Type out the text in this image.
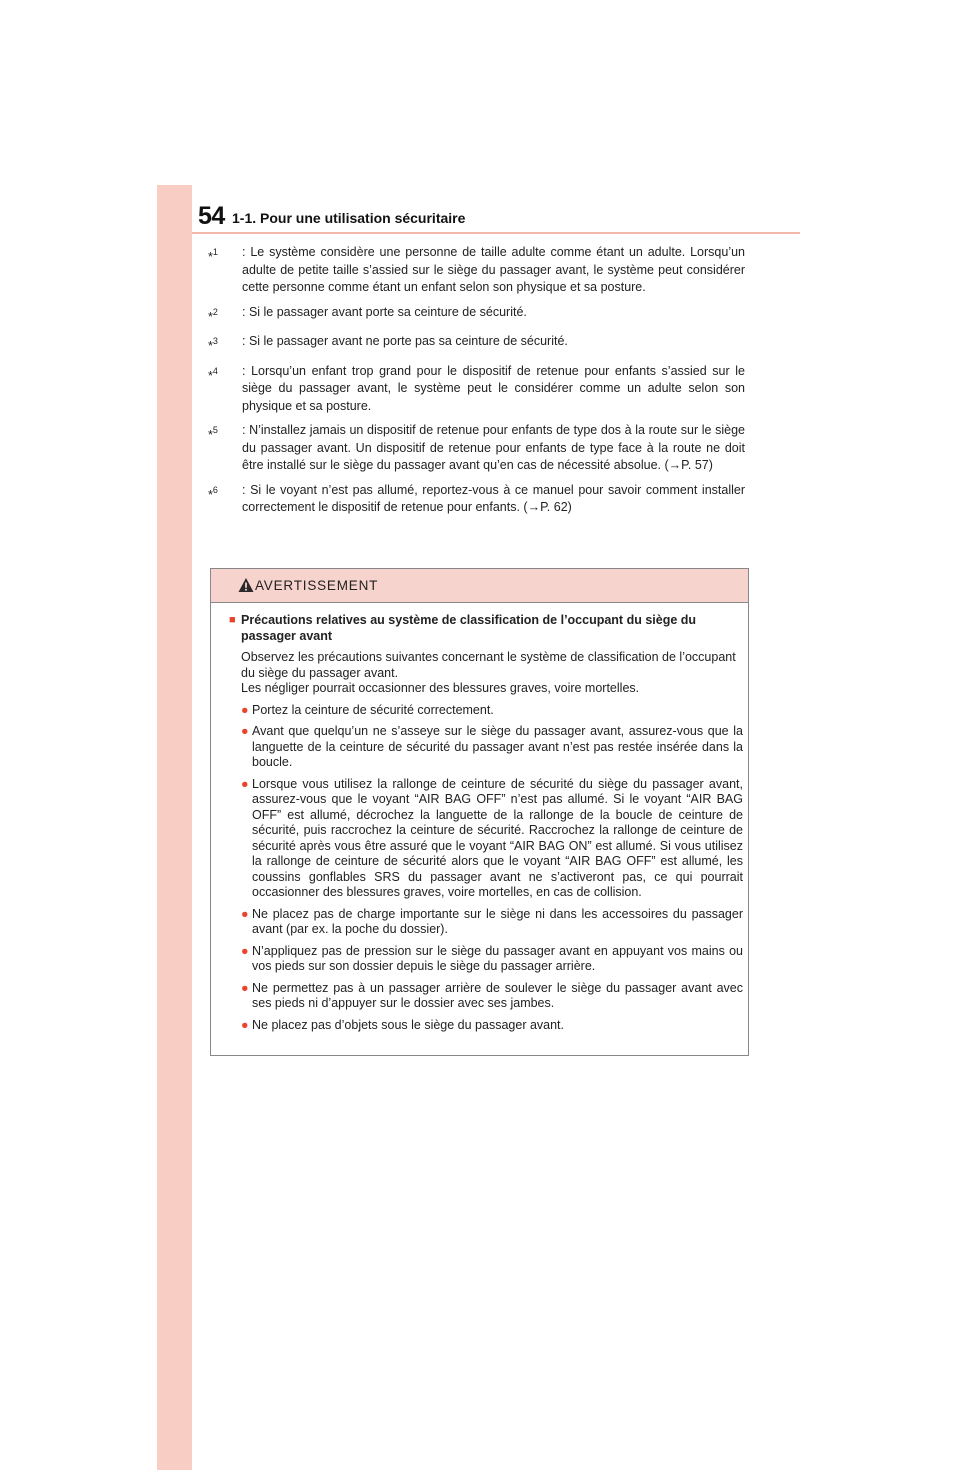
54 1-1. Pour une utilisation sécuritaire
*$^1$	: Le système considère une personne de taille adulte comme étant un adulte. Lorsqu’un adulte de petite taille s’assied sur le siège du passager avant, le système peut considérer cette personne comme étant un enfant selon son physique et sa posture.
*$^2$	: Si le passager avant porte sa ceinture de sécurité.
*$^3$	: Si le passager avant ne porte pas sa ceinture de sécurité.
*$^4$	: Lorsqu’un enfant trop grand pour le dispositif de retenue pour enfants s’assied sur le siège du passager avant, le système peut le considérer comme un adulte selon son physique et sa posture.
*$^5$	: N’installez jamais un dispositif de retenue pour enfants de type dos à la route sur le siège du passager avant. Un dispositif de retenue pour enfants de type face à la route ne doit être installé sur le siège du passager avant qu’en cas de nécessité absolue. (→P. 57)
*$^6$	: Si le voyant n’est pas allumé, reportez-vous à ce manuel pour savoir comment installer correctement le dispositif de retenue pour enfants. (→P. 62)
AVERTISSEMENT
■ Précautions relatives au système de classification de l’occupant du siège du passager avant
Observez les précautions suivantes concernant le système de classification de l’occupant du siège du passager avant.
Les négliger pourrait occasionner des blessures graves, voire mortelles.
● Portez la ceinture de sécurité correctement.
● Avant que quelqu’un ne s’asseye sur le siège du passager avant, assurez-vous que la languette de la ceinture de sécurité du passager avant n’est pas restée insérée dans la boucle.
● Lorsque vous utilisez la rallonge de ceinture de sécurité du siège du passager avant, assurez-vous que le voyant “AIR BAG OFF” n’est pas allumé. Si le voyant “AIR BAG OFF” est allumé, décrochez la languette de la rallonge de la boucle de ceinture de sécurité, puis raccrochez la ceinture de sécurité. Raccrochez la rallonge de ceinture de sécurité après vous être assuré que le voyant “AIR BAG ON” est allumé. Si vous utilisez la rallonge de ceinture de sécurité alors que le voyant “AIR BAG OFF” est allumé, les coussins gonflables SRS du passager avant ne s’activeront pas, ce qui pourrait occasionner des blessures graves, voire mortelles, en cas de collision.
● Ne placez pas de charge importante sur le siège ni dans les accessoires du passager avant (par ex. la poche du dossier).
● N’appliquez pas de pression sur le siège du passager avant en appuyant vos mains ou vos pieds sur son dossier depuis le siège du passager arrière.
● Ne permettez pas à un passager arrière de soulever le siège du passager avant avec ses pieds ni d’appuyer sur le dossier avec ses jambes.
● Ne placez pas d’objets sous le siège du passager avant.
